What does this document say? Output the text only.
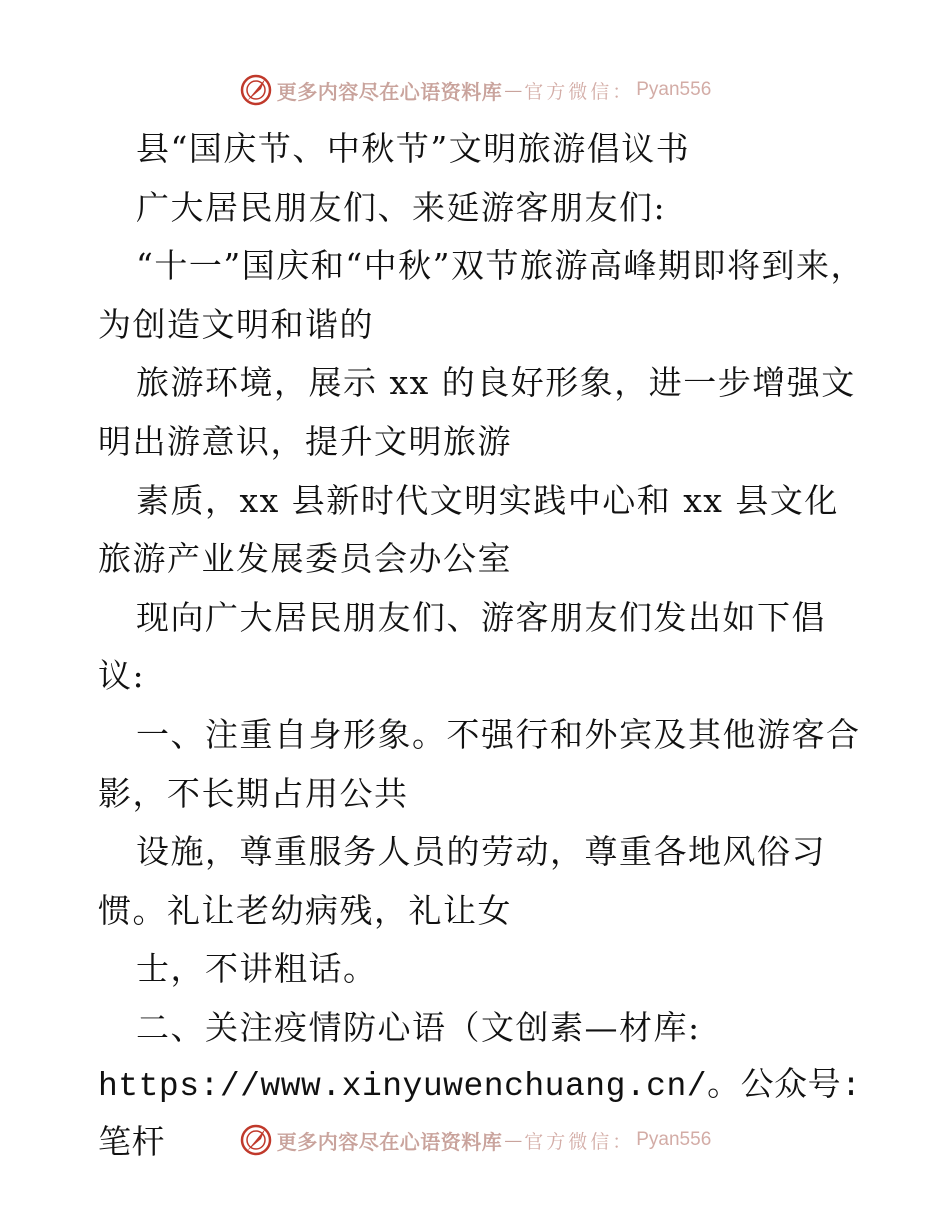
更多内容尽在心语资料库 — 官方微信： Pyan556

县“国庆节、中秋节”文明旅游倡议书

广大居民朋友们、来延游客朋友们:

“十一”国庆和“中秋”双节旅游高峰期即将到来，为创造文明和谐的

旅游环境，展示 xx 的良好形象，进一步增强文明出游意识，提升文明旅游

素质，xx 县新时代文明实践中心和 xx 县文化旅游产业发展委员会办公室

现向广大居民朋友们、游客朋友们发出如下倡议:

一、注重自身形象。不强行和外宾及其他游客合影，不长期占用公共

设施，尊重服务人员的劳动，尊重各地风俗习惯。礼让老幼病残，礼让女

士，不讲粗话。

二、关注疫情防心语（文创素—材库:

https://www.xinyuwenchuang.cn/。公众号: 笔杆	更多内容尽在心语资料库 — 官方微信： Pyan556
